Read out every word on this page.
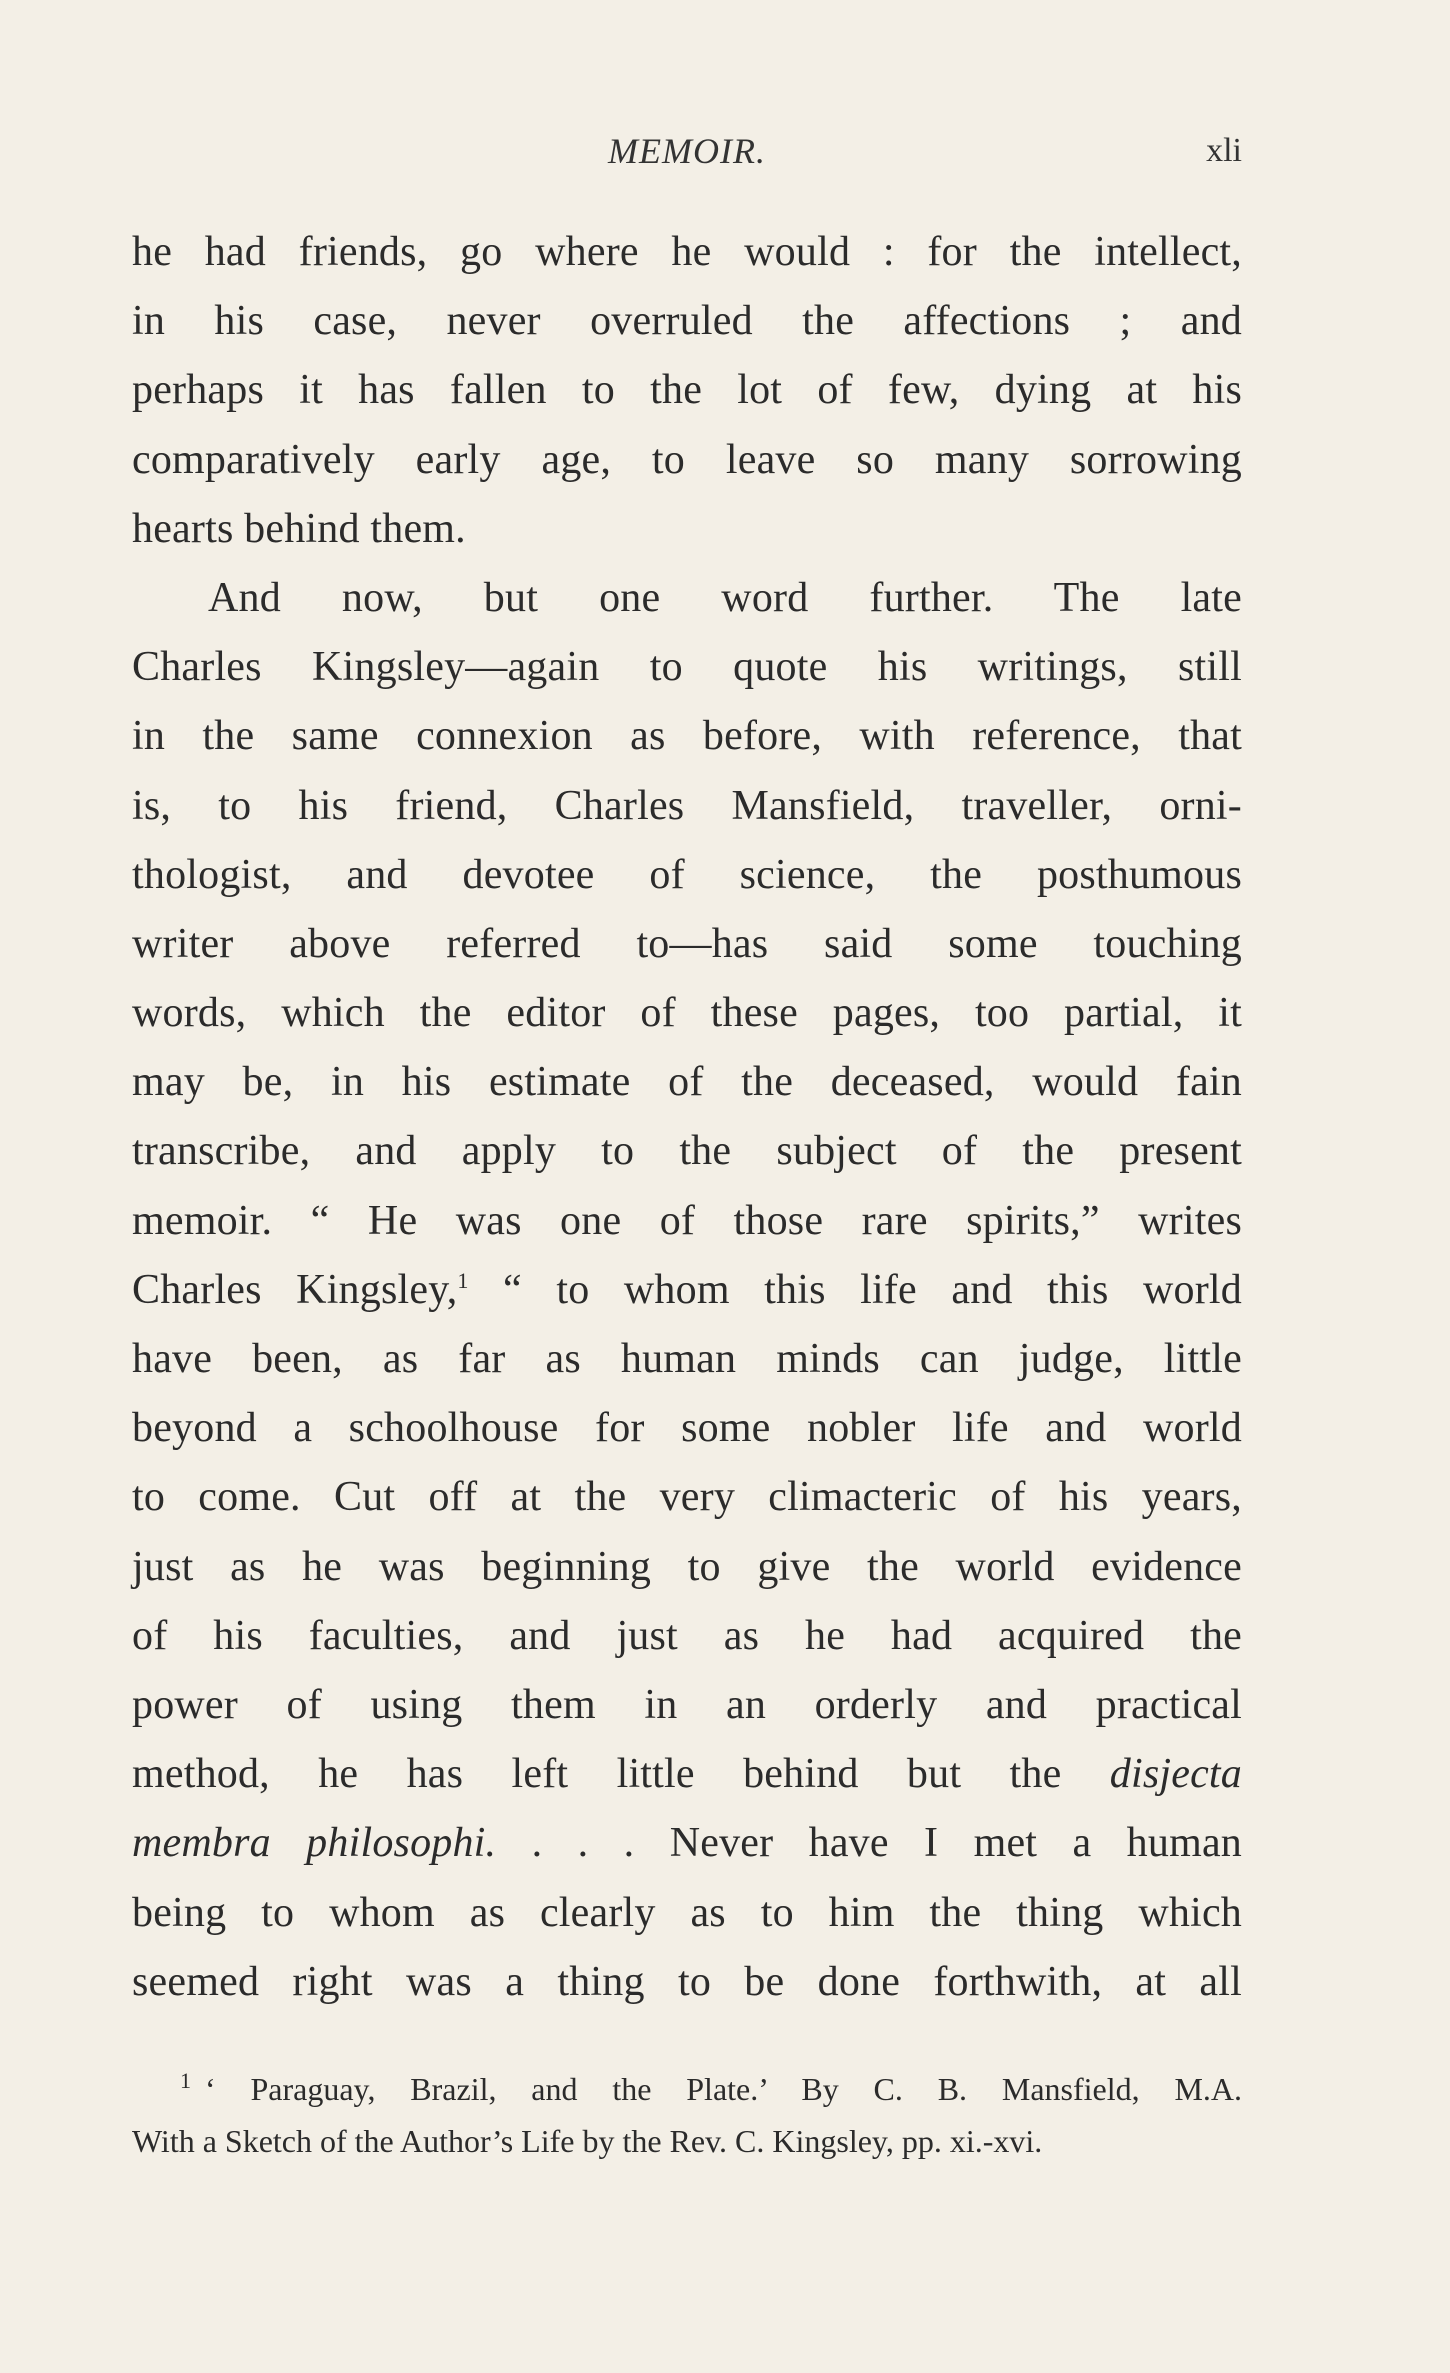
MEMOIR.	xli
he had friends, go where he would : for the intellect,
in his case, never overruled the affections ; and
perhaps it has fallen to the lot of few, dying at his
comparatively early age, to leave so many sorrowing
hearts behind them.
And now, but one word further. The late
Charles Kingsley—again to quote his writings, still
in the same connexion as before, with reference, that
is, to his friend, Charles Mansfield, traveller, orni-
thologist, and devotee of science, the posthumous
writer above referred to—has said some touching
words, which the editor of these pages, too partial, it
may be, in his estimate of the deceased, would fain
transcribe, and apply to the subject of the present
memoir. “ He was one of those rare spirits,” writes
Charles Kingsley,$^1$ “ to whom this life and this world
have been, as far as human minds can judge, little
beyond a schoolhouse for some nobler life and world
to come. Cut off at the very climacteric of his years,
just as he was beginning to give the world evidence
of his faculties, and just as he had acquired the
power of using them in an orderly and practical
method, he has left little behind but the disjecta
membra philosophi. . . . Never have I met a human
being to whom as clearly as to him the thing which
seemed right was a thing to be done forthwith, at all
$^1$ ‘ Paraguay, Brazil, and the Plate.’ By C. B. Mansfield, M.A.
With a Sketch of the Author’s Life by the Rev. C. Kingsley, pp. xi.-xvi.
